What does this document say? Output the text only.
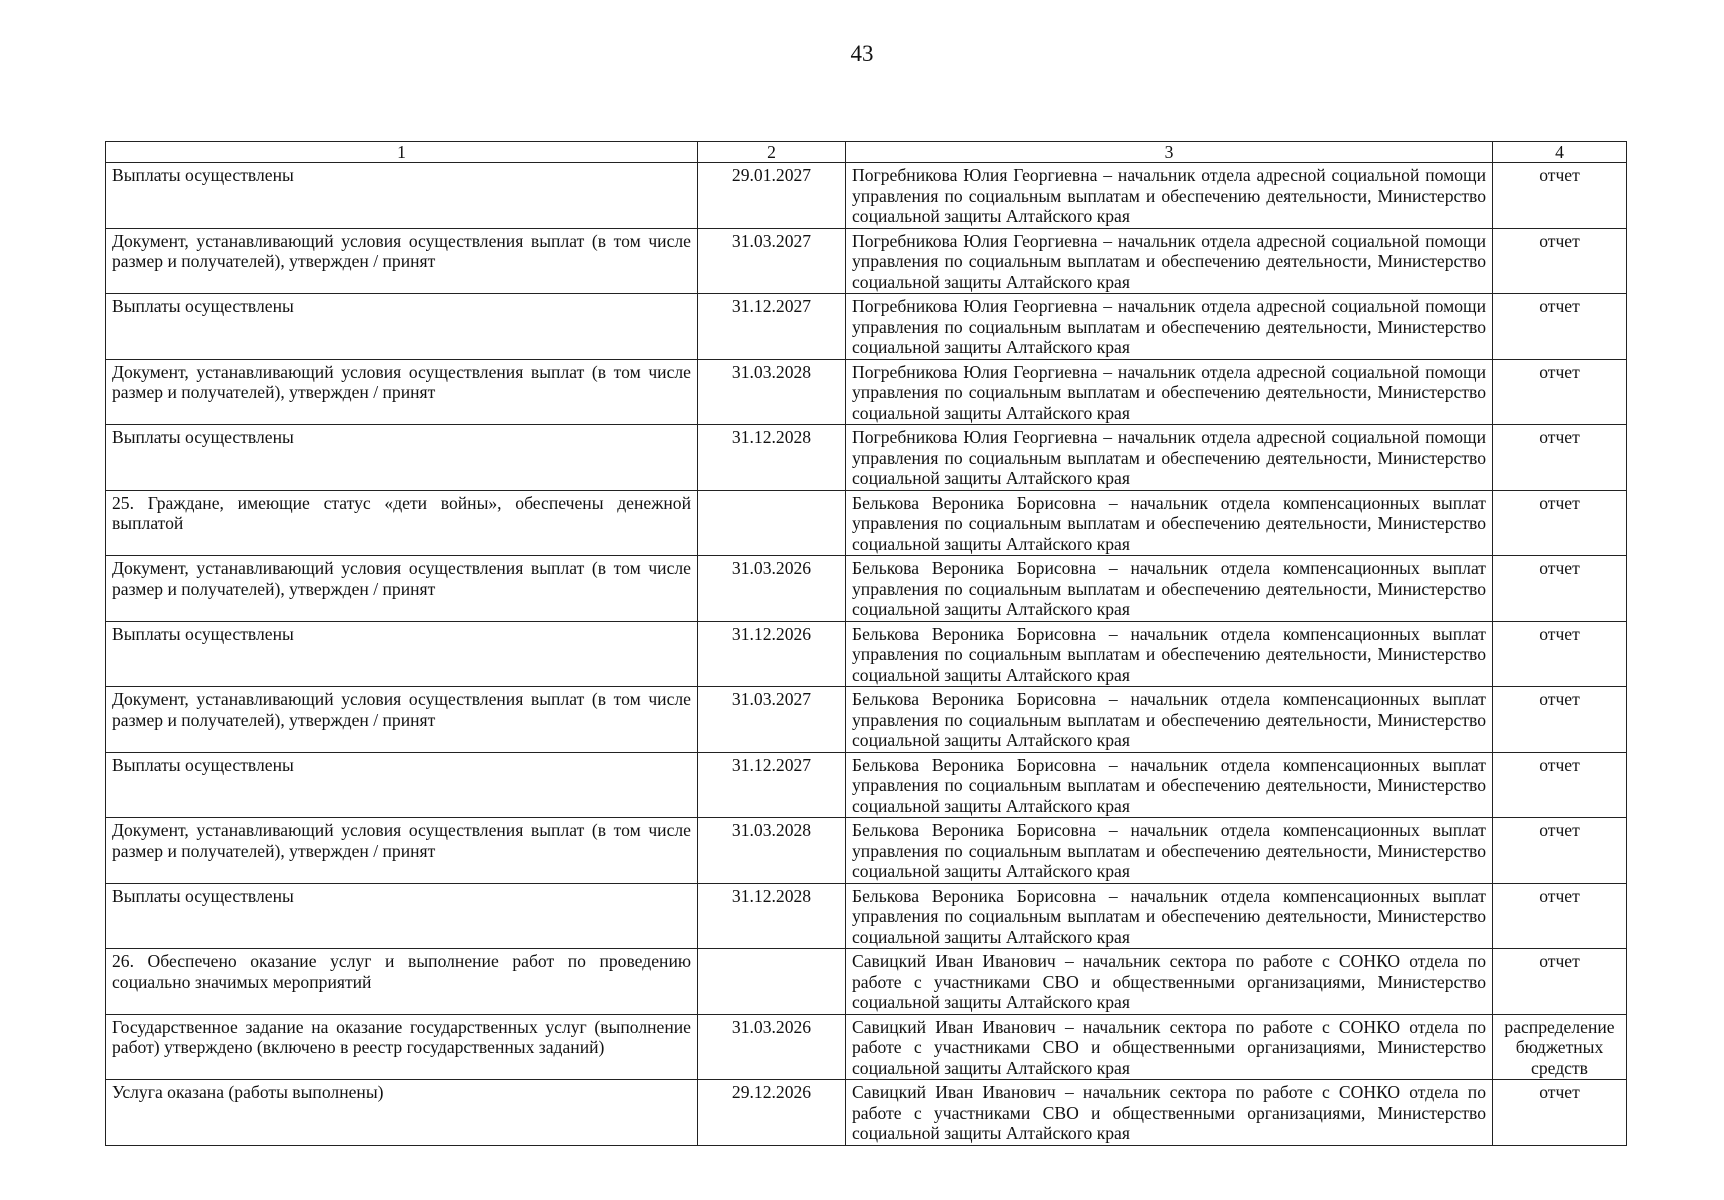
43
1	2	3	4
Выплаты осуществлены	29.01.2027	Погребникова Юлия Георгиевна – начальник отдела адресной социальной помощи управления по социальным выплатам и обеспечению деятельности, Министерство социальной защиты Алтайского края	отчет
Документ, устанавливающий условия осуществления выплат (в том числе размер и получателей), утвержден / принят	31.03.2027	Погребникова Юлия Георгиевна – начальник отдела адресной социальной помощи управления по социальным выплатам и обеспечению деятельности, Министерство социальной защиты Алтайского края	отчет
Выплаты осуществлены	31.12.2027	Погребникова Юлия Георгиевна – начальник отдела адресной социальной помощи управления по социальным выплатам и обеспечению деятельности, Министерство социальной защиты Алтайского края	отчет
Документ, устанавливающий условия осуществления выплат (в том числе размер и получателей), утвержден / принят	31.03.2028	Погребникова Юлия Георгиевна – начальник отдела адресной социальной помощи управления по социальным выплатам и обеспечению деятельности, Министерство социальной защиты Алтайского края	отчет
Выплаты осуществлены	31.12.2028	Погребникова Юлия Георгиевна – начальник отдела адресной социальной помощи управления по социальным выплатам и обеспечению деятельности, Министерство социальной защиты Алтайского края	отчет
25. Граждане, имеющие статус «дети войны», обеспечены денежной выплатой		Белькова Вероника Борисовна – начальник отдела компенсационных выплат управления по социальным выплатам и обеспечению деятельности, Министерство социальной защиты Алтайского края	отчет
Документ, устанавливающий условия осуществления выплат (в том числе размер и получателей), утвержден / принят	31.03.2026	Белькова Вероника Борисовна – начальник отдела компенсационных выплат управления по социальным выплатам и обеспечению деятельности, Министерство социальной защиты Алтайского края	отчет
Выплаты осуществлены	31.12.2026	Белькова Вероника Борисовна – начальник отдела компенсационных выплат управления по социальным выплатам и обеспечению деятельности, Министерство социальной защиты Алтайского края	отчет
Документ, устанавливающий условия осуществления выплат (в том числе размер и получателей), утвержден / принят	31.03.2027	Белькова Вероника Борисовна – начальник отдела компенсационных выплат управления по социальным выплатам и обеспечению деятельности, Министерство социальной защиты Алтайского края	отчет
Выплаты осуществлены	31.12.2027	Белькова Вероника Борисовна – начальник отдела компенсационных выплат управления по социальным выплатам и обеспечению деятельности, Министерство социальной защиты Алтайского края	отчет
Документ, устанавливающий условия осуществления выплат (в том числе размер и получателей), утвержден / принят	31.03.2028	Белькова Вероника Борисовна – начальник отдела компенсационных выплат управления по социальным выплатам и обеспечению деятельности, Министерство социальной защиты Алтайского края	отчет
Выплаты осуществлены	31.12.2028	Белькова Вероника Борисовна – начальник отдела компенсационных выплат управления по социальным выплатам и обеспечению деятельности, Министерство социальной защиты Алтайского края	отчет
26. Обеспечено оказание услуг и выполнение работ по проведению социально значимых мероприятий		Савицкий Иван Иванович – начальник сектора по работе с СОНКО отдела по работе с участниками СВО и общественными организациями, Министерство социальной защиты Алтайского края	отчет
Государственное задание на оказание государственных услуг (выполнение работ) утверждено (включено в реестр государственных заданий)	31.03.2026	Савицкий Иван Иванович – начальник сектора по работе с СОНКО отдела по работе с участниками СВО и общественными организациями, Министерство социальной защиты Алтайского края	распределение бюджетных средств
Услуга оказана (работы выполнены)	29.12.2026	Савицкий Иван Иванович – начальник сектора по работе с СОНКО отдела по работе с участниками СВО и общественными организациями, Министерство социальной защиты Алтайского края	отчет
